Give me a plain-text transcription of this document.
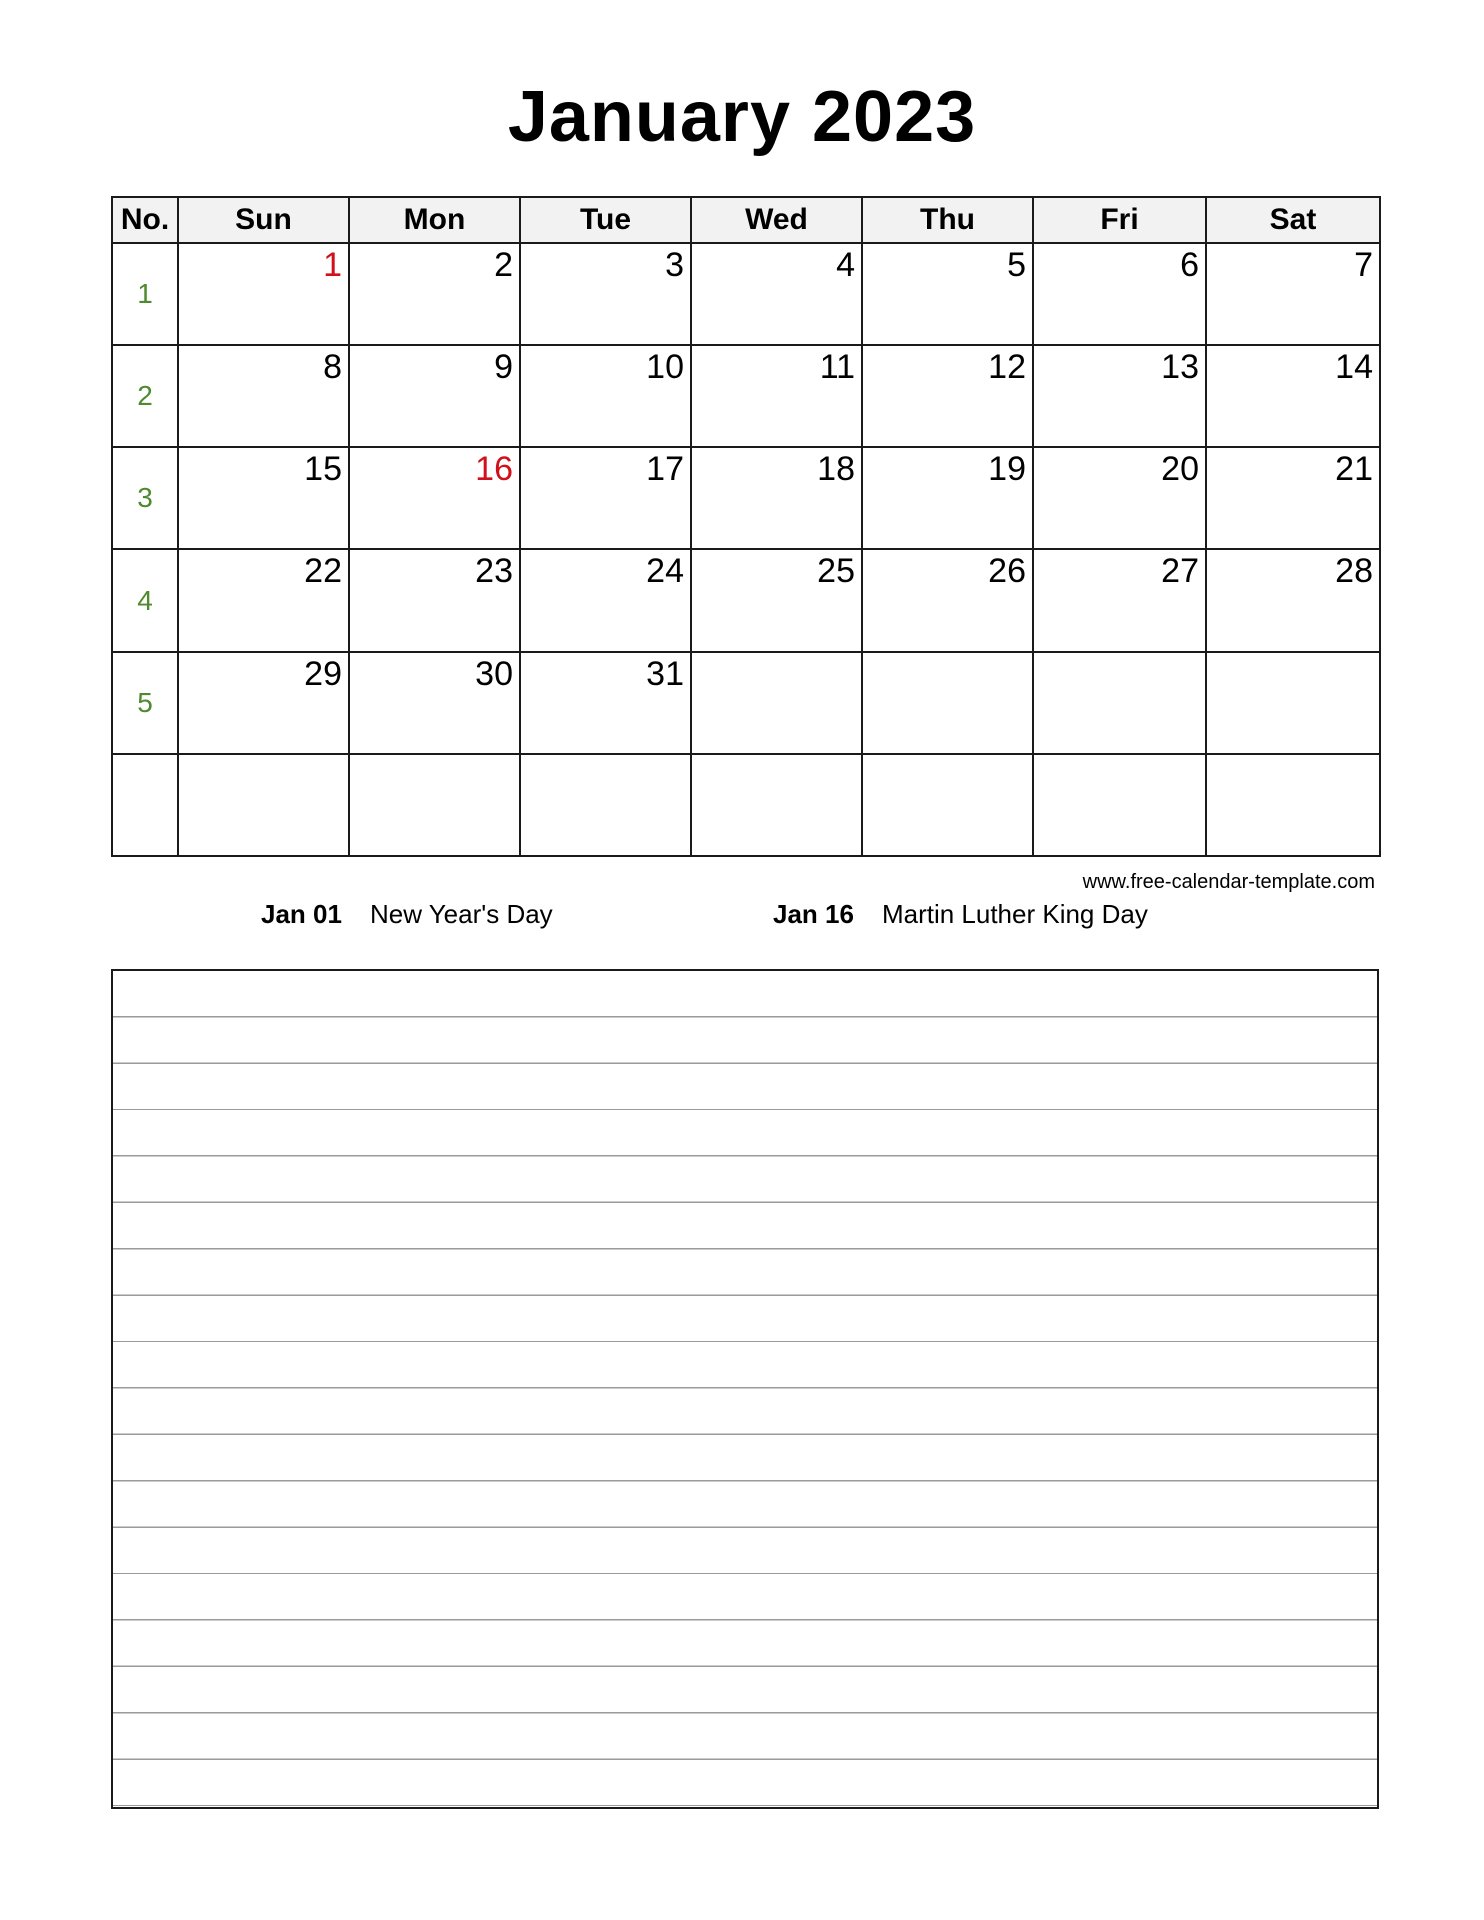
January 2023
No.	Sun	Mon	Tue	Wed	Thu	Fri	Sat
1	1	2	3	4	5	6	7

2	8	9	10	11	12	13	14

3	15	16	17	18	19	20	21

4	22	23	24	25	26	27	28

5	29	30	31				

www.free-calendar-template.com
Jan 01 New Year's Day	Jan 16 Martin Luther King Day
